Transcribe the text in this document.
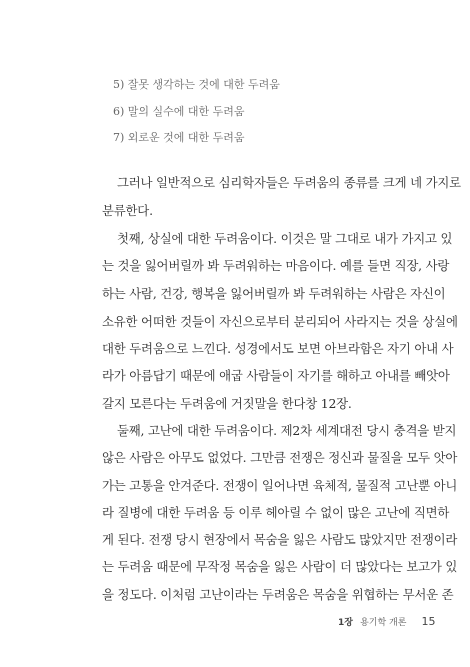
5) 잘못 생각하는 것에 대한 두려움
6) 말의 실수에 대한 두려움
7) 외로운 것에 대한 두려움
그러나 일반적으로 심리학자들은 두려움의 종류를 크게 네 가지로
분류한다.
첫째, 상실에 대한 두려움이다. 이것은 말 그대로 내가 가지고 있
는 것을 잃어버릴까 봐 두려워하는 마음이다. 예를 들면 직장, 사랑
하는 사람, 건강, 행복을 잃어버릴까 봐 두려워하는 사람은 자신이
소유한 어떠한 것들이 자신으로부터 분리되어 사라지는 것을 상실에
대한 두려움으로 느낀다. 성경에서도 보면 아브라함은 자기 아내 사
라가 아름답기 때문에 애굽 사람들이 자기를 해하고 아내를 빼앗아
갈지 모른다는 두려움에 거짓말을 한다창 12장.
둘째, 고난에 대한 두려움이다. 제2차 세계대전 당시 충격을 받지
않은 사람은 아무도 없었다. 그만큼 전쟁은 정신과 물질을 모두 앗아
가는 고통을 안겨준다. 전쟁이 일어나면 육체적, 물질적 고난뿐 아니
라 질병에 대한 두려움 등 이루 헤아릴 수 없이 많은 고난에 직면하
게 된다. 전쟁 당시 현장에서 목숨을 잃은 사람도 많았지만 전쟁이라
는 두려움 때문에 무작정 목숨을 잃은 사람이 더 많았다는 보고가 있
을 정도다. 이처럼 고난이라는 두려움은 목숨을 위협하는 무서운 존
1장 용기학 개론 15
